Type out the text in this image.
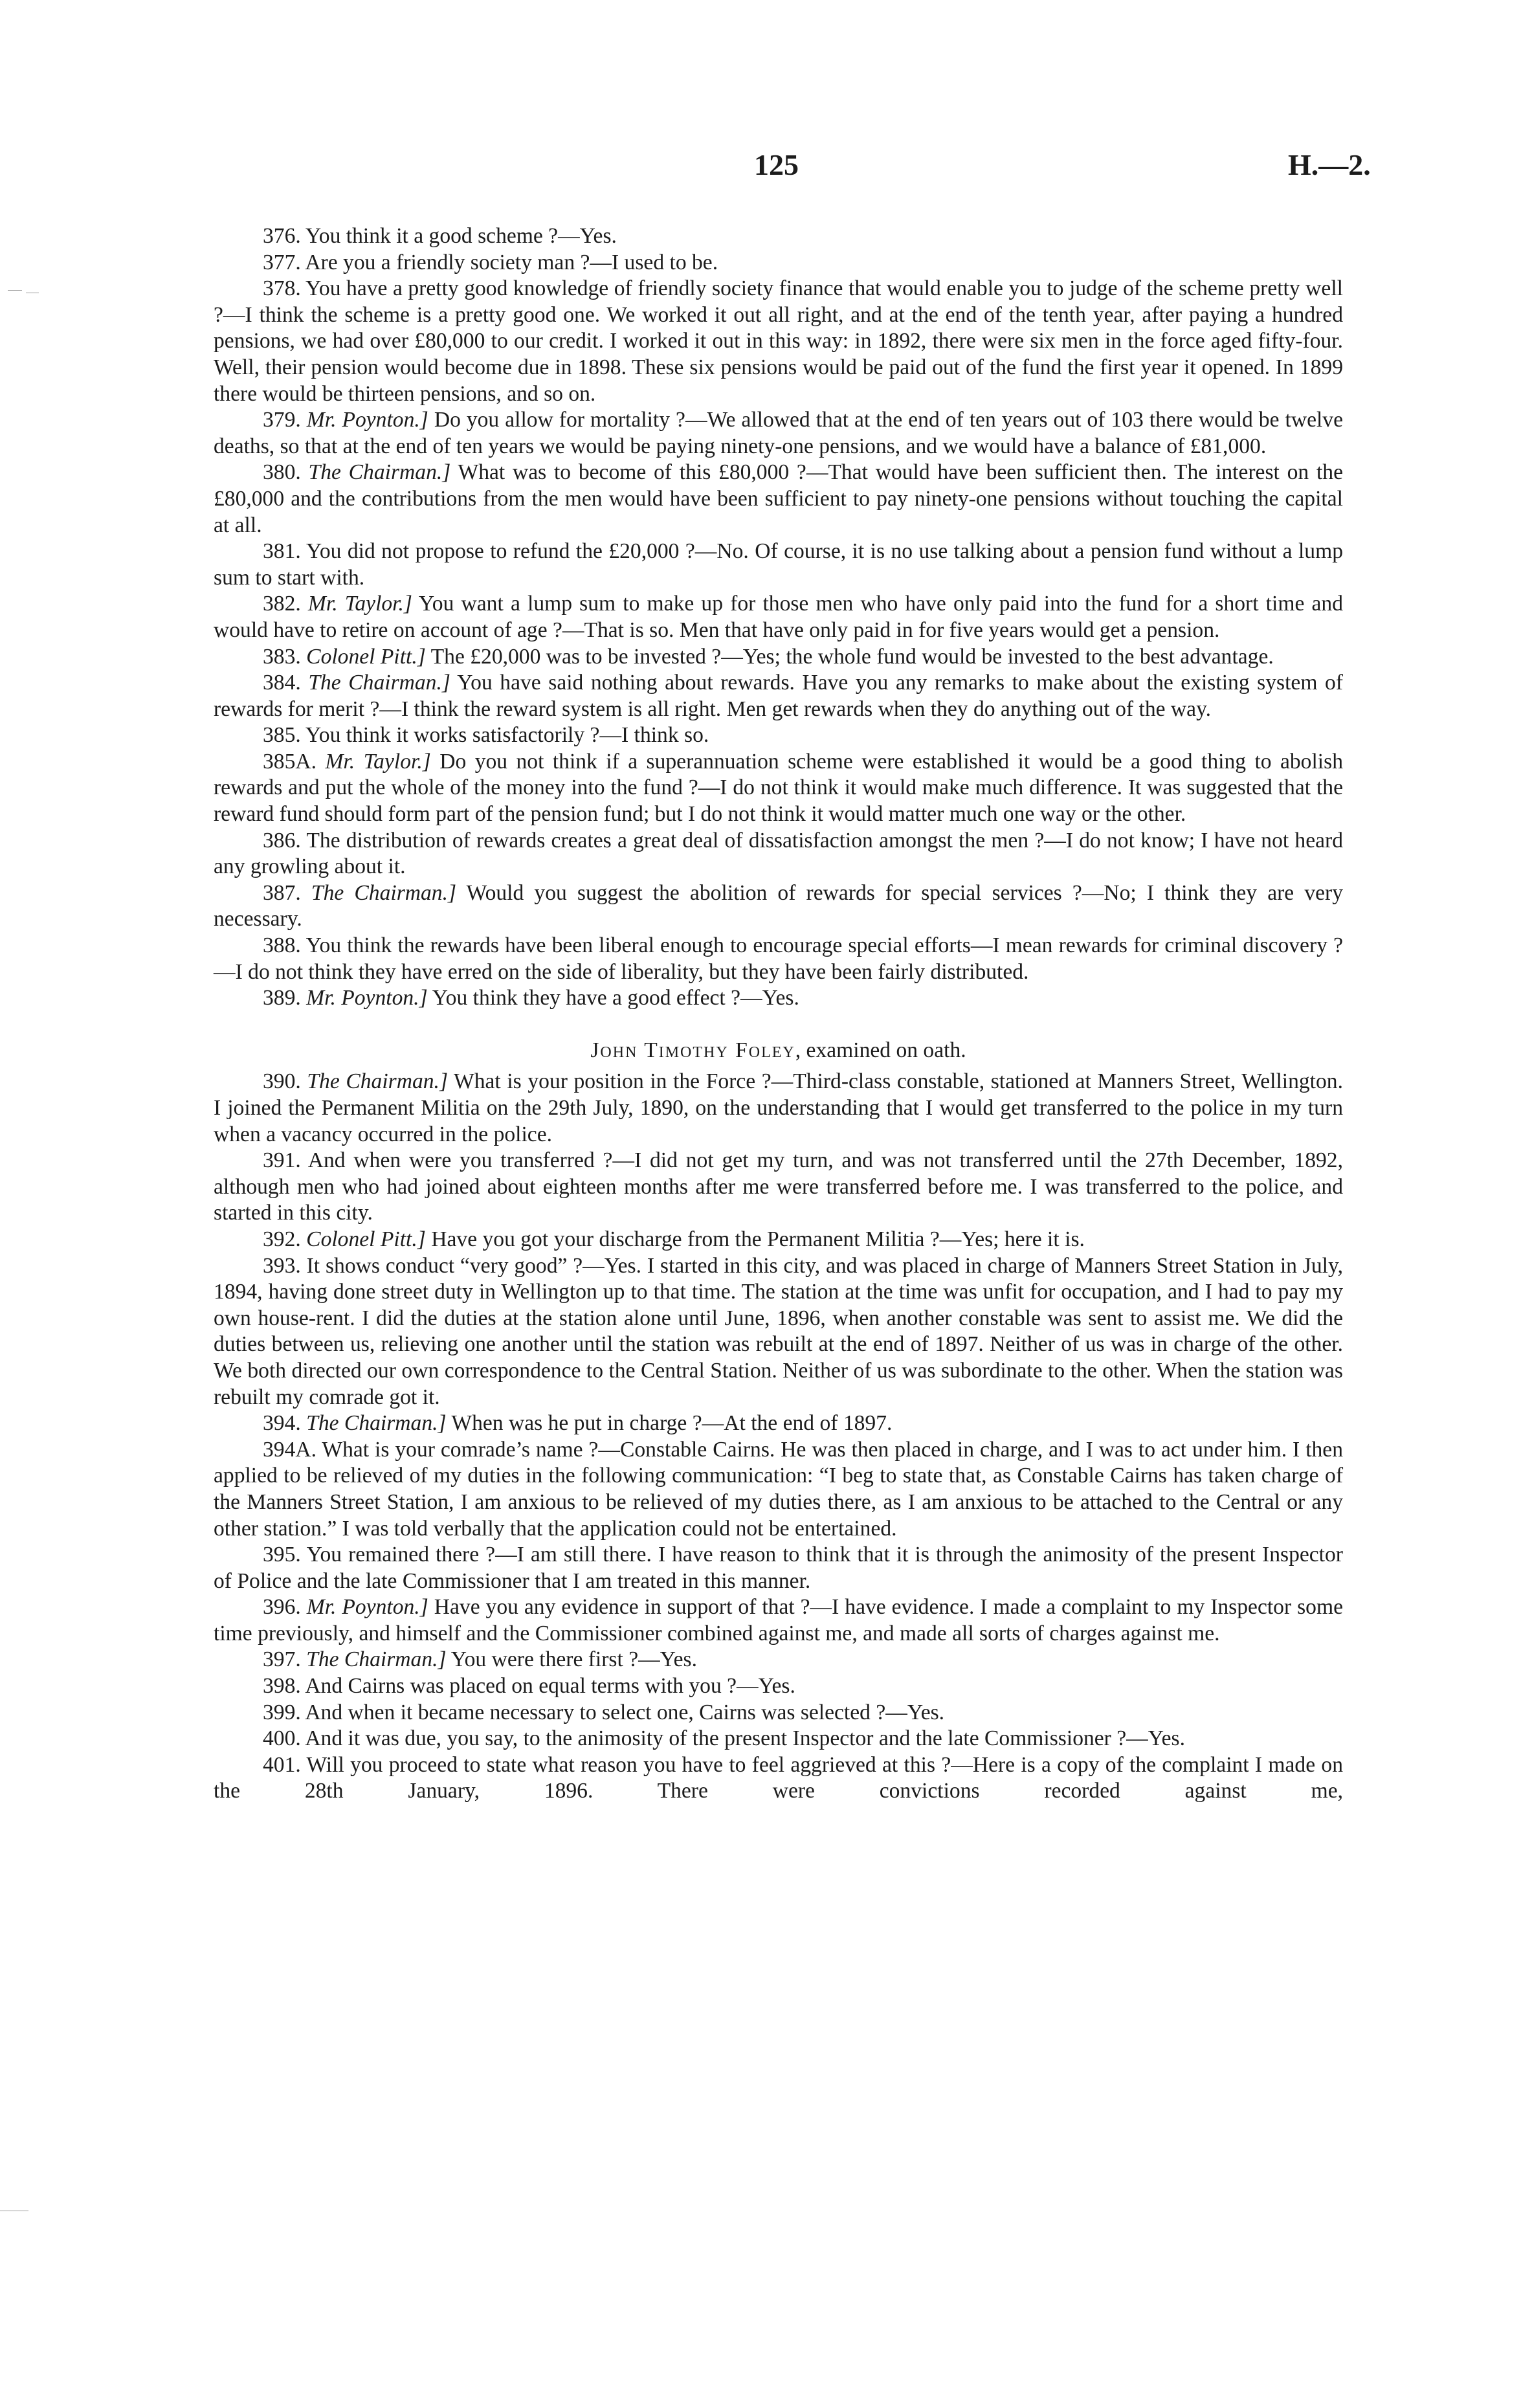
125	H.—2.

376. You think it a good scheme ?—Yes.

377. Are you a friendly society man ?—I used to be.

378. You have a pretty good knowledge of friendly society finance that would enable you to judge of the scheme pretty well ?—I think the scheme is a pretty good one. We worked it out all right, and at the end of the tenth year, after paying a hundred pensions, we had over £80,000 to our credit. I worked it out in this way: in 1892, there were six men in the force aged fifty-four. Well, their pension would become due in 1898. These six pensions would be paid out of the fund the first year it opened. In 1899 there would be thirteen pensions, and so on.

379. Mr. Poynton.] Do you allow for mortality ?—We allowed that at the end of ten years out of 103 there would be twelve deaths, so that at the end of ten years we would be paying ninety-one pensions, and we would have a balance of £81,000.

380. The Chairman.] What was to become of this £80,000 ?—That would have been sufficient then. The interest on the £80,000 and the contributions from the men would have been sufficient to pay ninety-one pensions without touching the capital at all.

381. You did not propose to refund the £20,000 ?—No. Of course, it is no use talking about a pension fund without a lump sum to start with.

382. Mr. Taylor.] You want a lump sum to make up for those men who have only paid into the fund for a short time and would have to retire on account of age ?—That is so. Men that have only paid in for five years would get a pension.

383. Colonel Pitt.] The £20,000 was to be invested ?—Yes; the whole fund would be invested to the best advantage.

384. The Chairman.] You have said nothing about rewards. Have you any remarks to make about the existing system of rewards for merit ?—I think the reward system is all right. Men get rewards when they do anything out of the way.

385. You think it works satisfactorily ?—I think so.

385A. Mr. Taylor.] Do you not think if a superannuation scheme were established it would be a good thing to abolish rewards and put the whole of the money into the fund ?—I do not think it would make much difference. It was suggested that the reward fund should form part of the pension fund; but I do not think it would matter much one way or the other.

386. The distribution of rewards creates a great deal of dissatisfaction amongst the men ?—I do not know; I have not heard any growling about it.

387. The Chairman.] Would you suggest the abolition of rewards for special services ?—No; I think they are very necessary.

388. You think the rewards have been liberal enough to encourage special efforts—I mean rewards for criminal discovery ?—I do not think they have erred on the side of liberality, but they have been fairly distributed.

389. Mr. Poynton.] You think they have a good effect ?—Yes.

John Timothy Foley, examined on oath.

390. The Chairman.] What is your position in the Force ?—Third-class constable, stationed at Manners Street, Wellington. I joined the Permanent Militia on the 29th July, 1890, on the understanding that I would get transferred to the police in my turn when a vacancy occurred in the police.

391. And when were you transferred ?—I did not get my turn, and was not transferred until the 27th December, 1892, although men who had joined about eighteen months after me were transferred before me. I was transferred to the police, and started in this city.

392. Colonel Pitt.] Have you got your discharge from the Permanent Militia ?—Yes; here it is.

393. It shows conduct “very good” ?—Yes. I started in this city, and was placed in charge of Manners Street Station in July, 1894, having done street duty in Wellington up to that time. The station at the time was unfit for occupation, and I had to pay my own house-rent. I did the duties at the station alone until June, 1896, when another constable was sent to assist me. We did the duties between us, relieving one another until the station was rebuilt at the end of 1897. Neither of us was in charge of the other. We both directed our own correspondence to the Central Station. Neither of us was subordinate to the other. When the station was rebuilt my comrade got it.

394. The Chairman.] When was he put in charge ?—At the end of 1897.

394A. What is your comrade’s name ?—Constable Cairns. He was then placed in charge, and I was to act under him. I then applied to be relieved of my duties in the following communication: “I beg to state that, as Constable Cairns has taken charge of the Manners Street Station, I am anxious to be relieved of my duties there, as I am anxious to be attached to the Central or any other station.” I was told verbally that the application could not be entertained.

395. You remained there ?—I am still there. I have reason to think that it is through the animosity of the present Inspector of Police and the late Commissioner that I am treated in this manner.

396. Mr. Poynton.] Have you any evidence in support of that ?—I have evidence. I made a complaint to my Inspector some time previously, and himself and the Commissioner combined against me, and made all sorts of charges against me.

397. The Chairman.] You were there first ?—Yes.

398. And Cairns was placed on equal terms with you ?—Yes.

399. And when it became necessary to select one, Cairns was selected ?—Yes.

400. And it was due, you say, to the animosity of the present Inspector and the late Commissioner ?—Yes.

401. Will you proceed to state what reason you have to feel aggrieved at this ?—Here is a copy of the complaint I made on the 28th January, 1896. There were convictions recorded against me,
